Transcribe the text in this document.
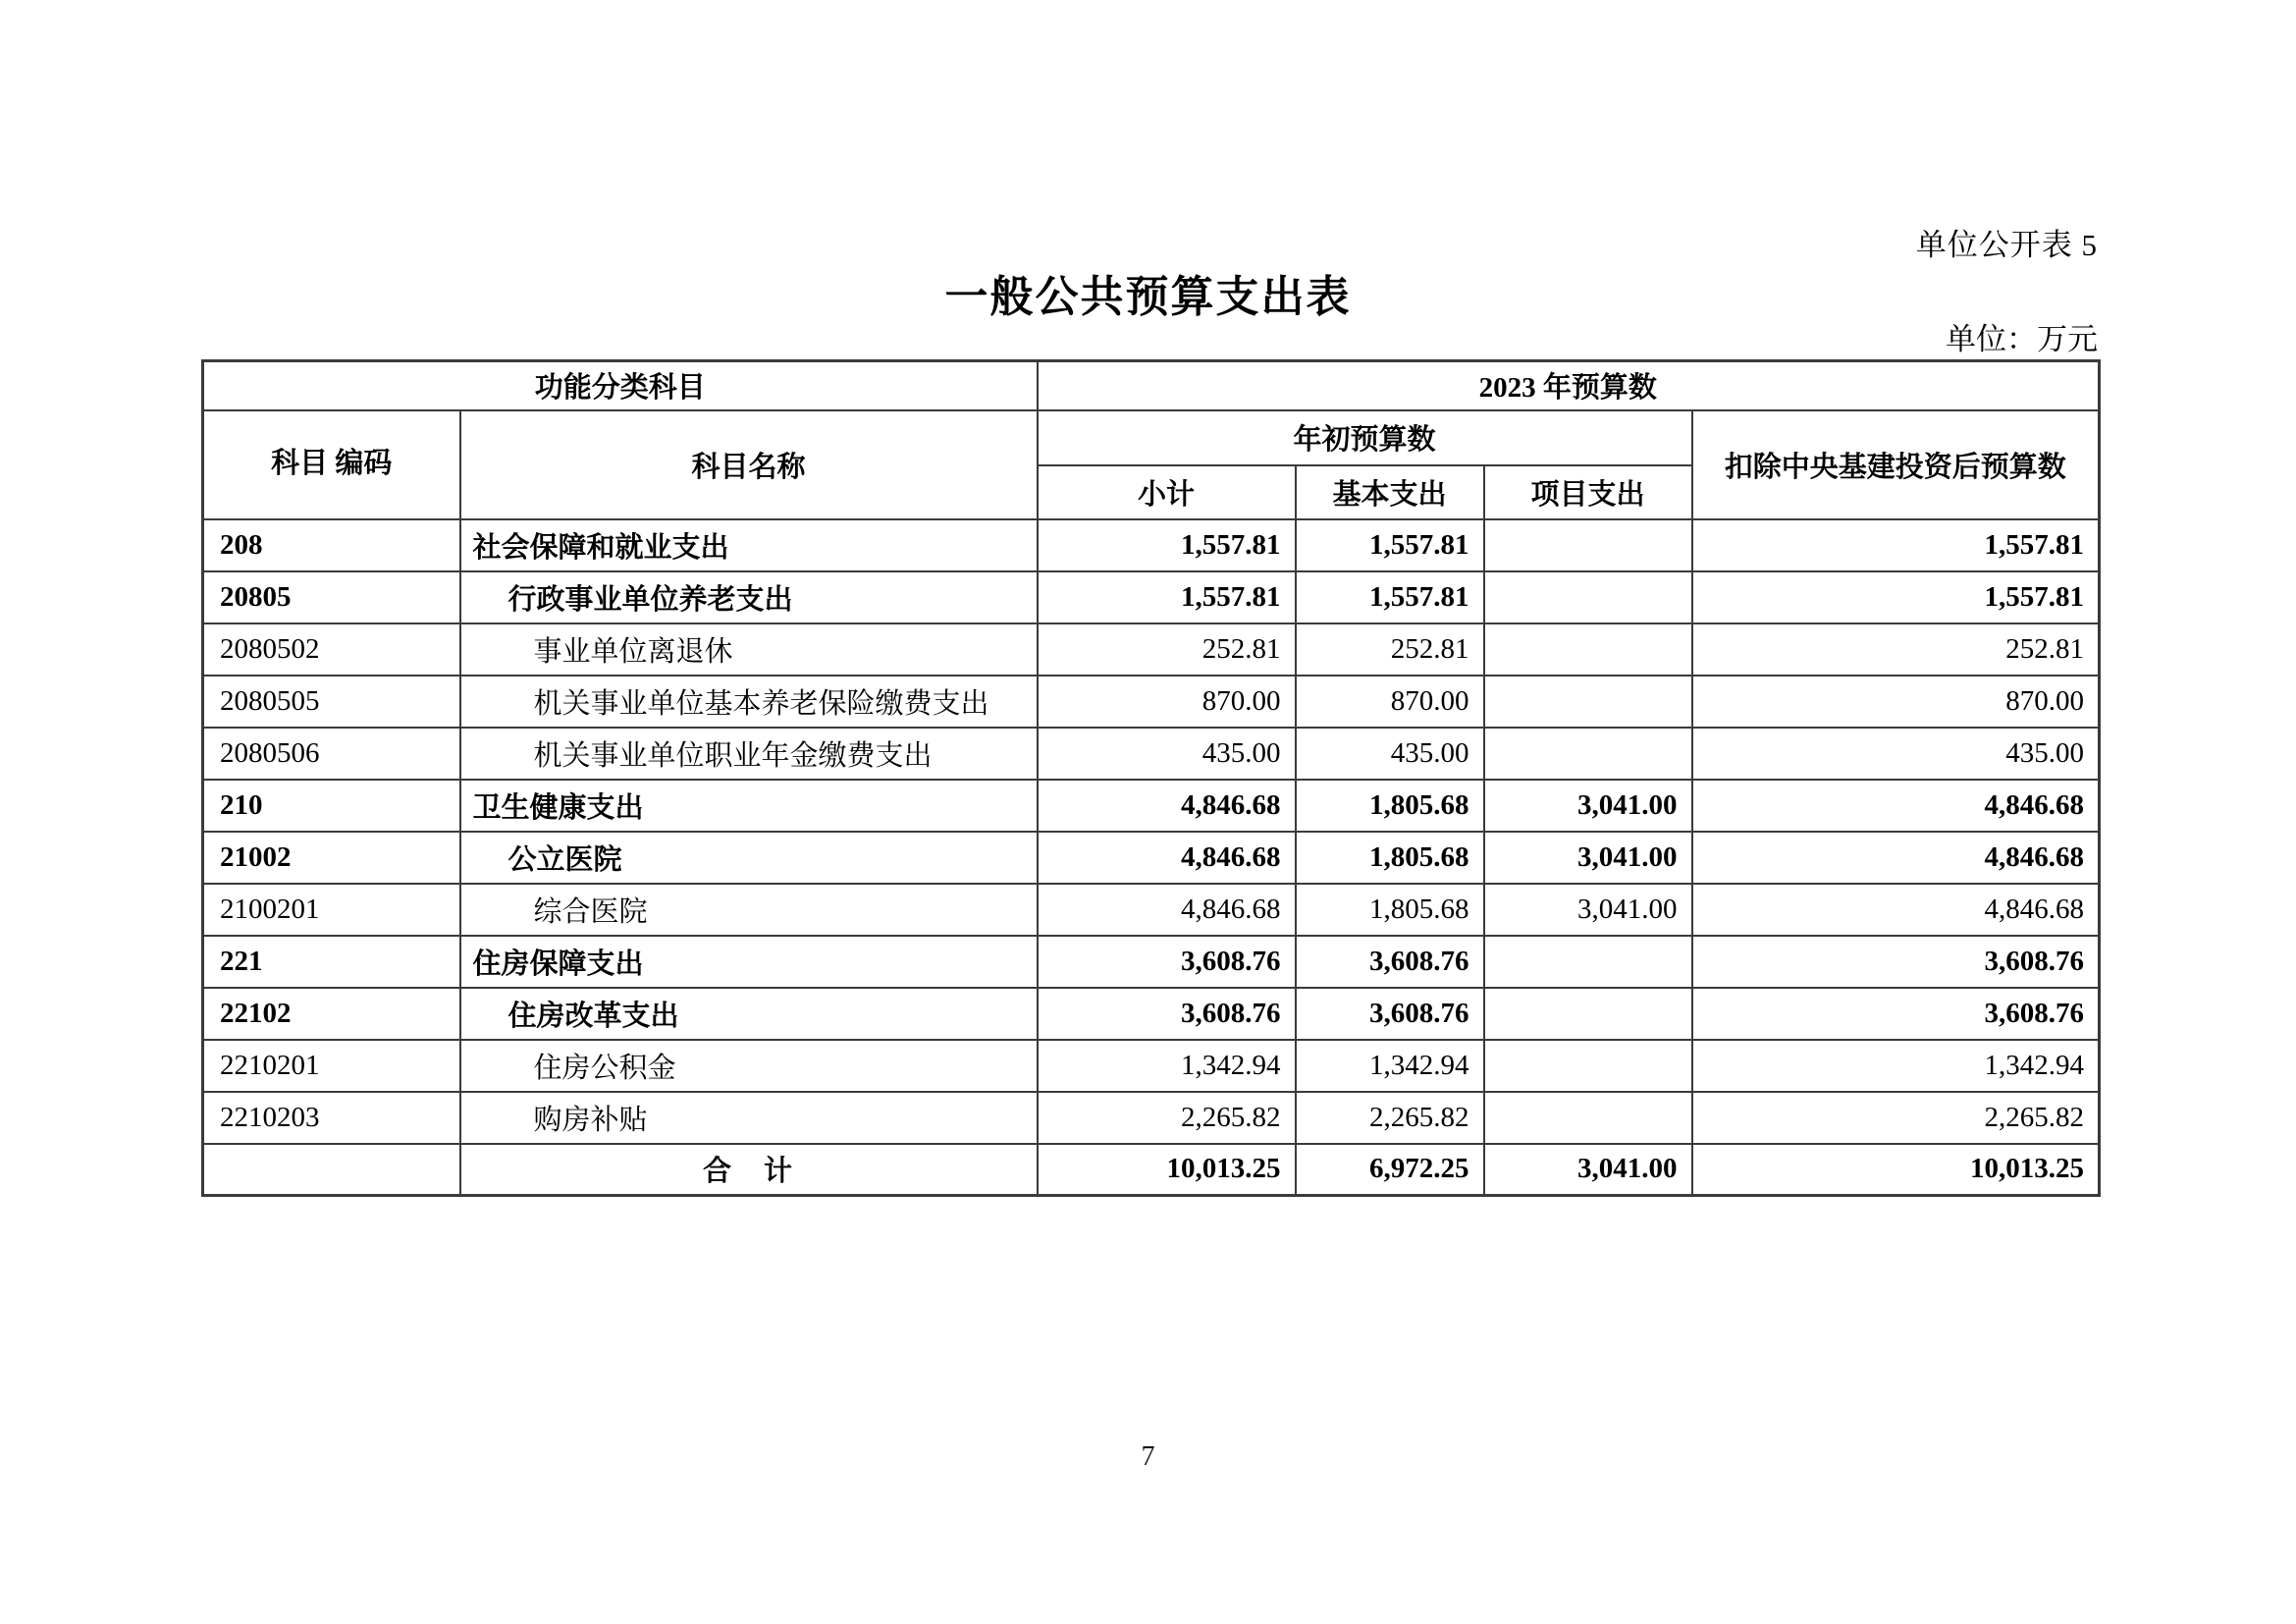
单位公开表 5
一般公共预算支出表
单位：万元
功能分类科目		2023 年预算数			
科目 编码	科目名称	年初预算数			扣除中央基建投资后预算数
		小计	基本支出	项目支出	
208	社会保障和就业支出	1,557.81	1,557.81		1,557.81
20805	行政事业单位养老支出	1,557.81	1,557.81		1,557.81
2080502	事业单位离退休	252.81	252.81		252.81
2080505	机关事业单位基本养老保险缴费支出	870.00	870.00		870.00
2080506	机关事业单位职业年金缴费支出	435.00	435.00		435.00
210	卫生健康支出	4,846.68	1,805.68	3,041.00	4,846.68
21002	公立医院	4,846.68	1,805.68	3,041.00	4,846.68
2100201	综合医院	4,846.68	1,805.68	3,041.00	4,846.68
221	住房保障支出	3,608.76	3,608.76		3,608.76
22102	住房改革支出	3,608.76	3,608.76		3,608.76
2210201	住房公积金	1,342.94	1,342.94		1,342.94
2210203	购房补贴	2,265.82	2,265.82		2,265.82
	合　计	10,013.25	6,972.25	3,041.00	10,013.25
7
